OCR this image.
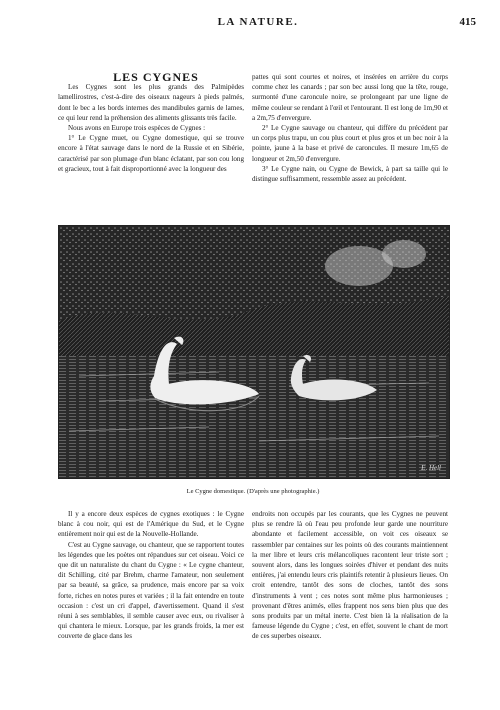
LA NATURE.	415

LES CYGNES

Les Cygnes sont les plus grands des Palmipèdes lamellirostres, c'est-à-dire des oiseaux nageurs à pieds palmés, dont le bec a les bords internes des mandibules garnis de lames, ce qui leur rend la préhension des aliments glissants très facile.

Nous avons en Europe trois espèces de Cygnes :

1° Le Cygne muet, ou Cygne domestique, qui se trouve encore à l'état sauvage dans le nord de la Russie et en Sibérie, caractérisé par son plumage d'un blanc éclatant, par son cou long et gracieux, tout à fait disproportionné avec la longueur des

pattes qui sont courtes et noires, et insérées en arrière du corps comme chez les canards ; par son bec aussi long que la tête, rouge, surmonté d'une caroncule noire, se prolongeant par une ligne de même couleur se rendant à l'œil et l'entourant. Il est long de 1m,90 et a 2m,75 d'envergure.

2° Le Cygne sauvage ou chanteur, qui diffère du précédent par un corps plus trapu, un cou plus court et plus gros et un bec noir à la pointe, jaune à la base et privé de caroncules. Il mesure 1m,65 de longueur et 2m,50 d'envergure.

3° Le Cygne nain, ou Cygne de Bewick, à part sa taille qui le distingue suffisamment, ressemble assez au précédent.

E. Hell
Le Cygne domestique. (D'après une photographie.)

Il y a encore deux espèces de cygnes exotiques : le Cygne blanc à cou noir, qui est de l'Amérique du Sud, et le Cygne entièrement noir qui est de la Nouvelle-Hollande.

C'est au Cygne sauvage, ou chanteur, que se rapportent toutes les légendes que les poètes ont répandues sur cet oiseau. Voici ce que dit un naturaliste du chant du Cygne : « Le cygne chanteur, dit Schilling, cité par Brehm, charme l'amateur, non seulement par sa beauté, sa grâce, sa prudence, mais encore par sa voix forte, riches en notes pures et variées ; il la fait entendre en toute occasion : c'est un cri d'appel, d'avertissement. Quand il s'est réuni à ses semblables, il semble causer avec eux, ou rivaliser à qui chantera le mieux. Lorsque, par les grands froids, la mer est couverte de glace dans les

endroits non occupés par les courants, que les Cygnes ne peuvent plus se rendre là où l'eau peu profonde leur garde une nourriture abondante et facilement accessible, on voit ces oiseaux se rassembler par centaines sur les points où des courants maintiennent la mer libre et leurs cris mélancoliques racontent leur triste sort ; souvent alors, dans les longues soirées d'hiver et pendant des nuits entières, j'ai entendu leurs cris plaintifs retentir à plusieurs lieues. On croit entendre, tantôt des sons de cloches, tantôt des sons d'instruments à vent ; ces notes sont même plus harmonieuses ; provenant d'êtres animés, elles frappent nos sens bien plus que des sons produits par un métal inerte. C'est bien là la réalisation de la fameuse légende du Cygne ; c'est, en effet, souvent le chant de mort de ces superbes oiseaux.
